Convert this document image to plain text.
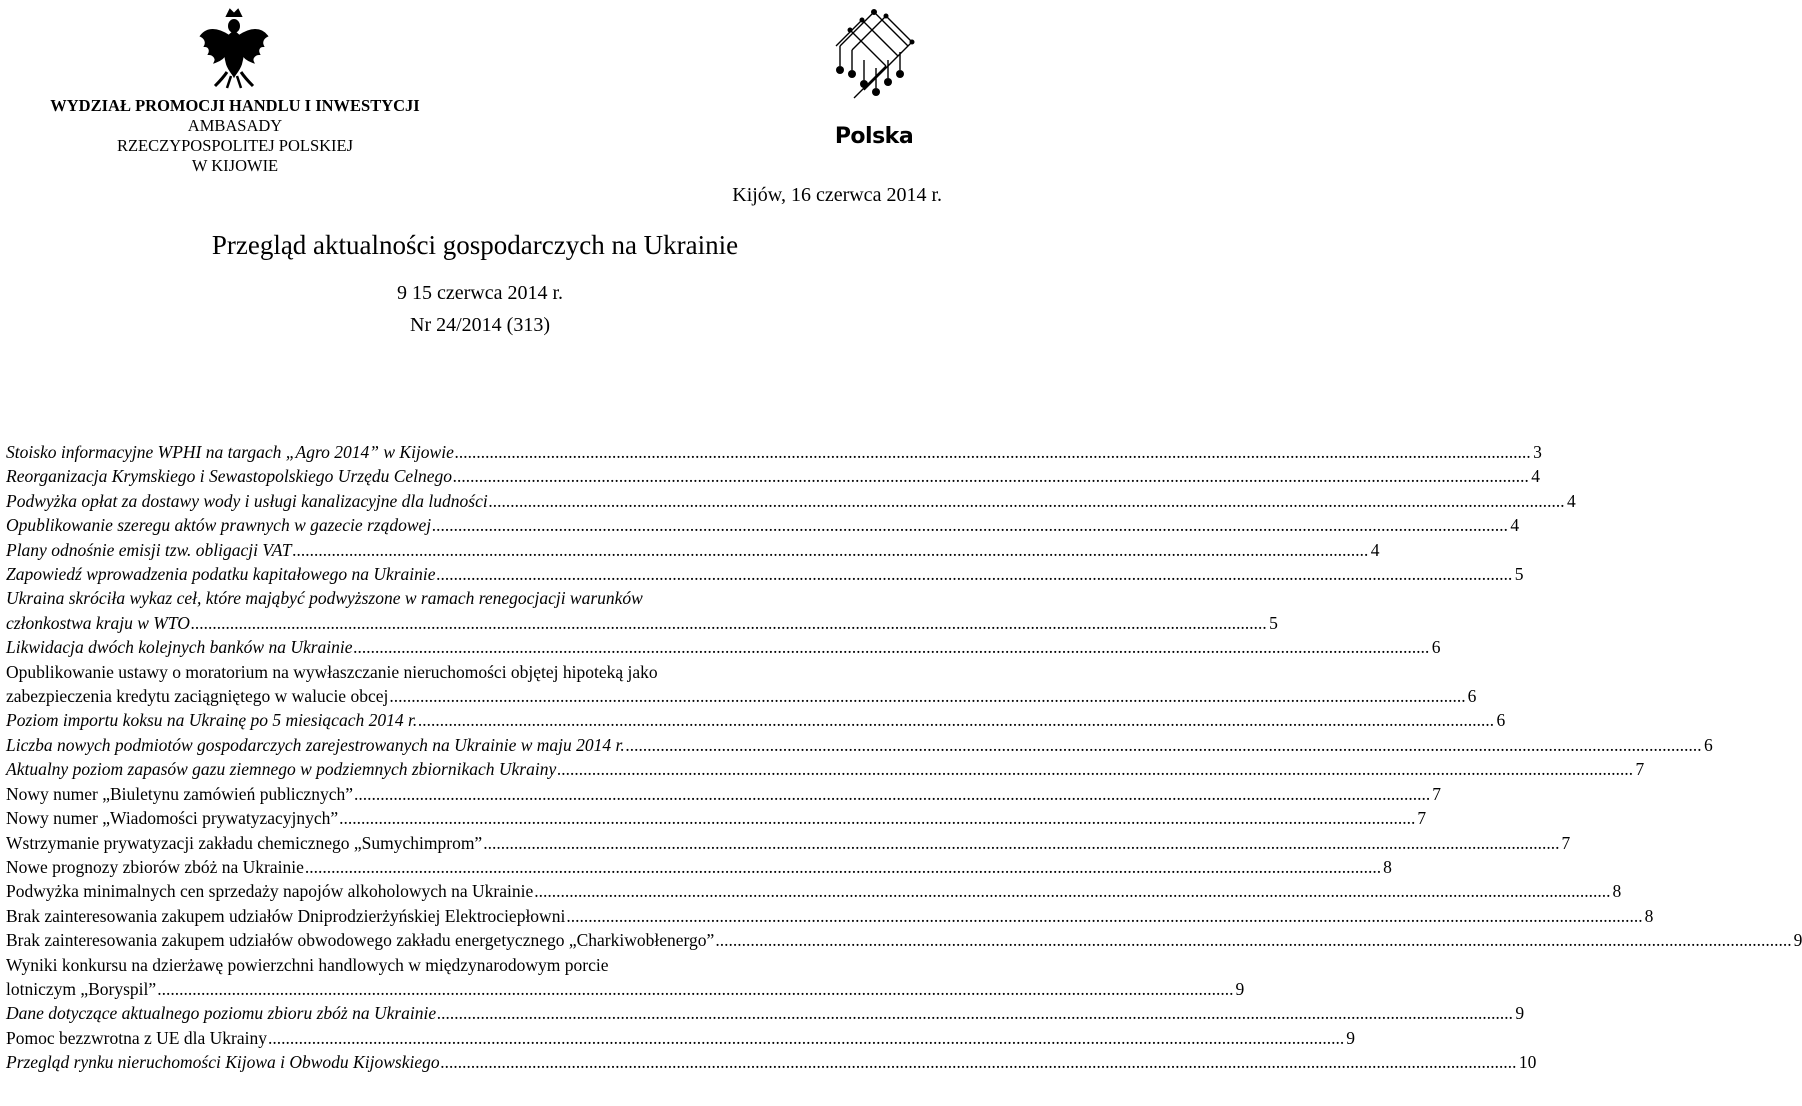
WYDZIAŁ PROMOCJI HANDLU I INWESTYCJI
AMBASADY
RZECZYPOSPOLITEJ POLSKIEJ
W KIJOWIE
Polska
Kijów, 16 czerwca 2014 r.
Przegląd aktualności gospodarczych na Ukrainie
9 15 czerwca 2014 r.
Nr 24/2014 (313)
Stoisko informacyjne WPHI na targach „Agro 2014” w Kijowie .....	3
Reorganizacja Krymskiego i Sewastopolskiego Urzędu Celnego .....	4
Podwyżka opłat za dostawy wody i usługi kanalizacyjne dla ludności .....	4
Opublikowanie szeregu aktów prawnych w gazecie rządowej .....	4
Plany odnośnie emisji tzw. obligacji VAT .....	4
Zapowiedź wprowadzenia podatku kapitałowego na Ukrainie .....	5
Ukraina skróciła wykaz ceł, które mająbyć podwyższone w ramach renegocjacji warunków
członkostwa kraju w WTO .....	5
Likwidacja dwóch kolejnych banków na Ukrainie .....	6
Opublikowanie ustawy o moratorium na wywłaszczanie nieruchomości objętej hipoteką jako
zabezpieczenia kredytu zaciągniętego w walucie obcej .....	6
Poziom importu koksu na Ukrainę po 5 miesiącach 2014 r. .....	6
Liczba nowych podmiotów gospodarczych zarejestrowanych na Ukrainie w maju 2014 r. .....	6
Aktualny poziom zapasów gazu ziemnego w podziemnych zbiornikach Ukrainy .....	7
Nowy numer „Biuletynu zamówień publicznych” .....	7
Nowy numer „Wiadomości prywatyzacyjnych” .....	7
Wstrzymanie prywatyzacji zakładu chemicznego „Sumychimprom” .....	7
Nowe prognozy zbiorów zbóż na Ukrainie .....	8
Podwyżka minimalnych cen sprzedaży napojów alkoholowych na Ukrainie .....	8
Brak zainteresowania zakupem udziałów Dniprodzierżyńskiej Elektrociepłowni .....	8
Brak zainteresowania zakupem udziałów obwodowego zakładu energetycznego „Charkiwobłenergo” .....	9
Wyniki konkursu na dzierżawę powierzchni handlowych w międzynarodowym porcie
lotniczym „Boryspil” .....	9
Dane dotyczące aktualnego poziomu zbioru zbóż na Ukrainie .....	9
Pomoc bezzwrotna z UE dla Ukrainy .....	9
Przegląd rynku nieruchomości Kijowa i Obwodu Kijowskiego .....	10
